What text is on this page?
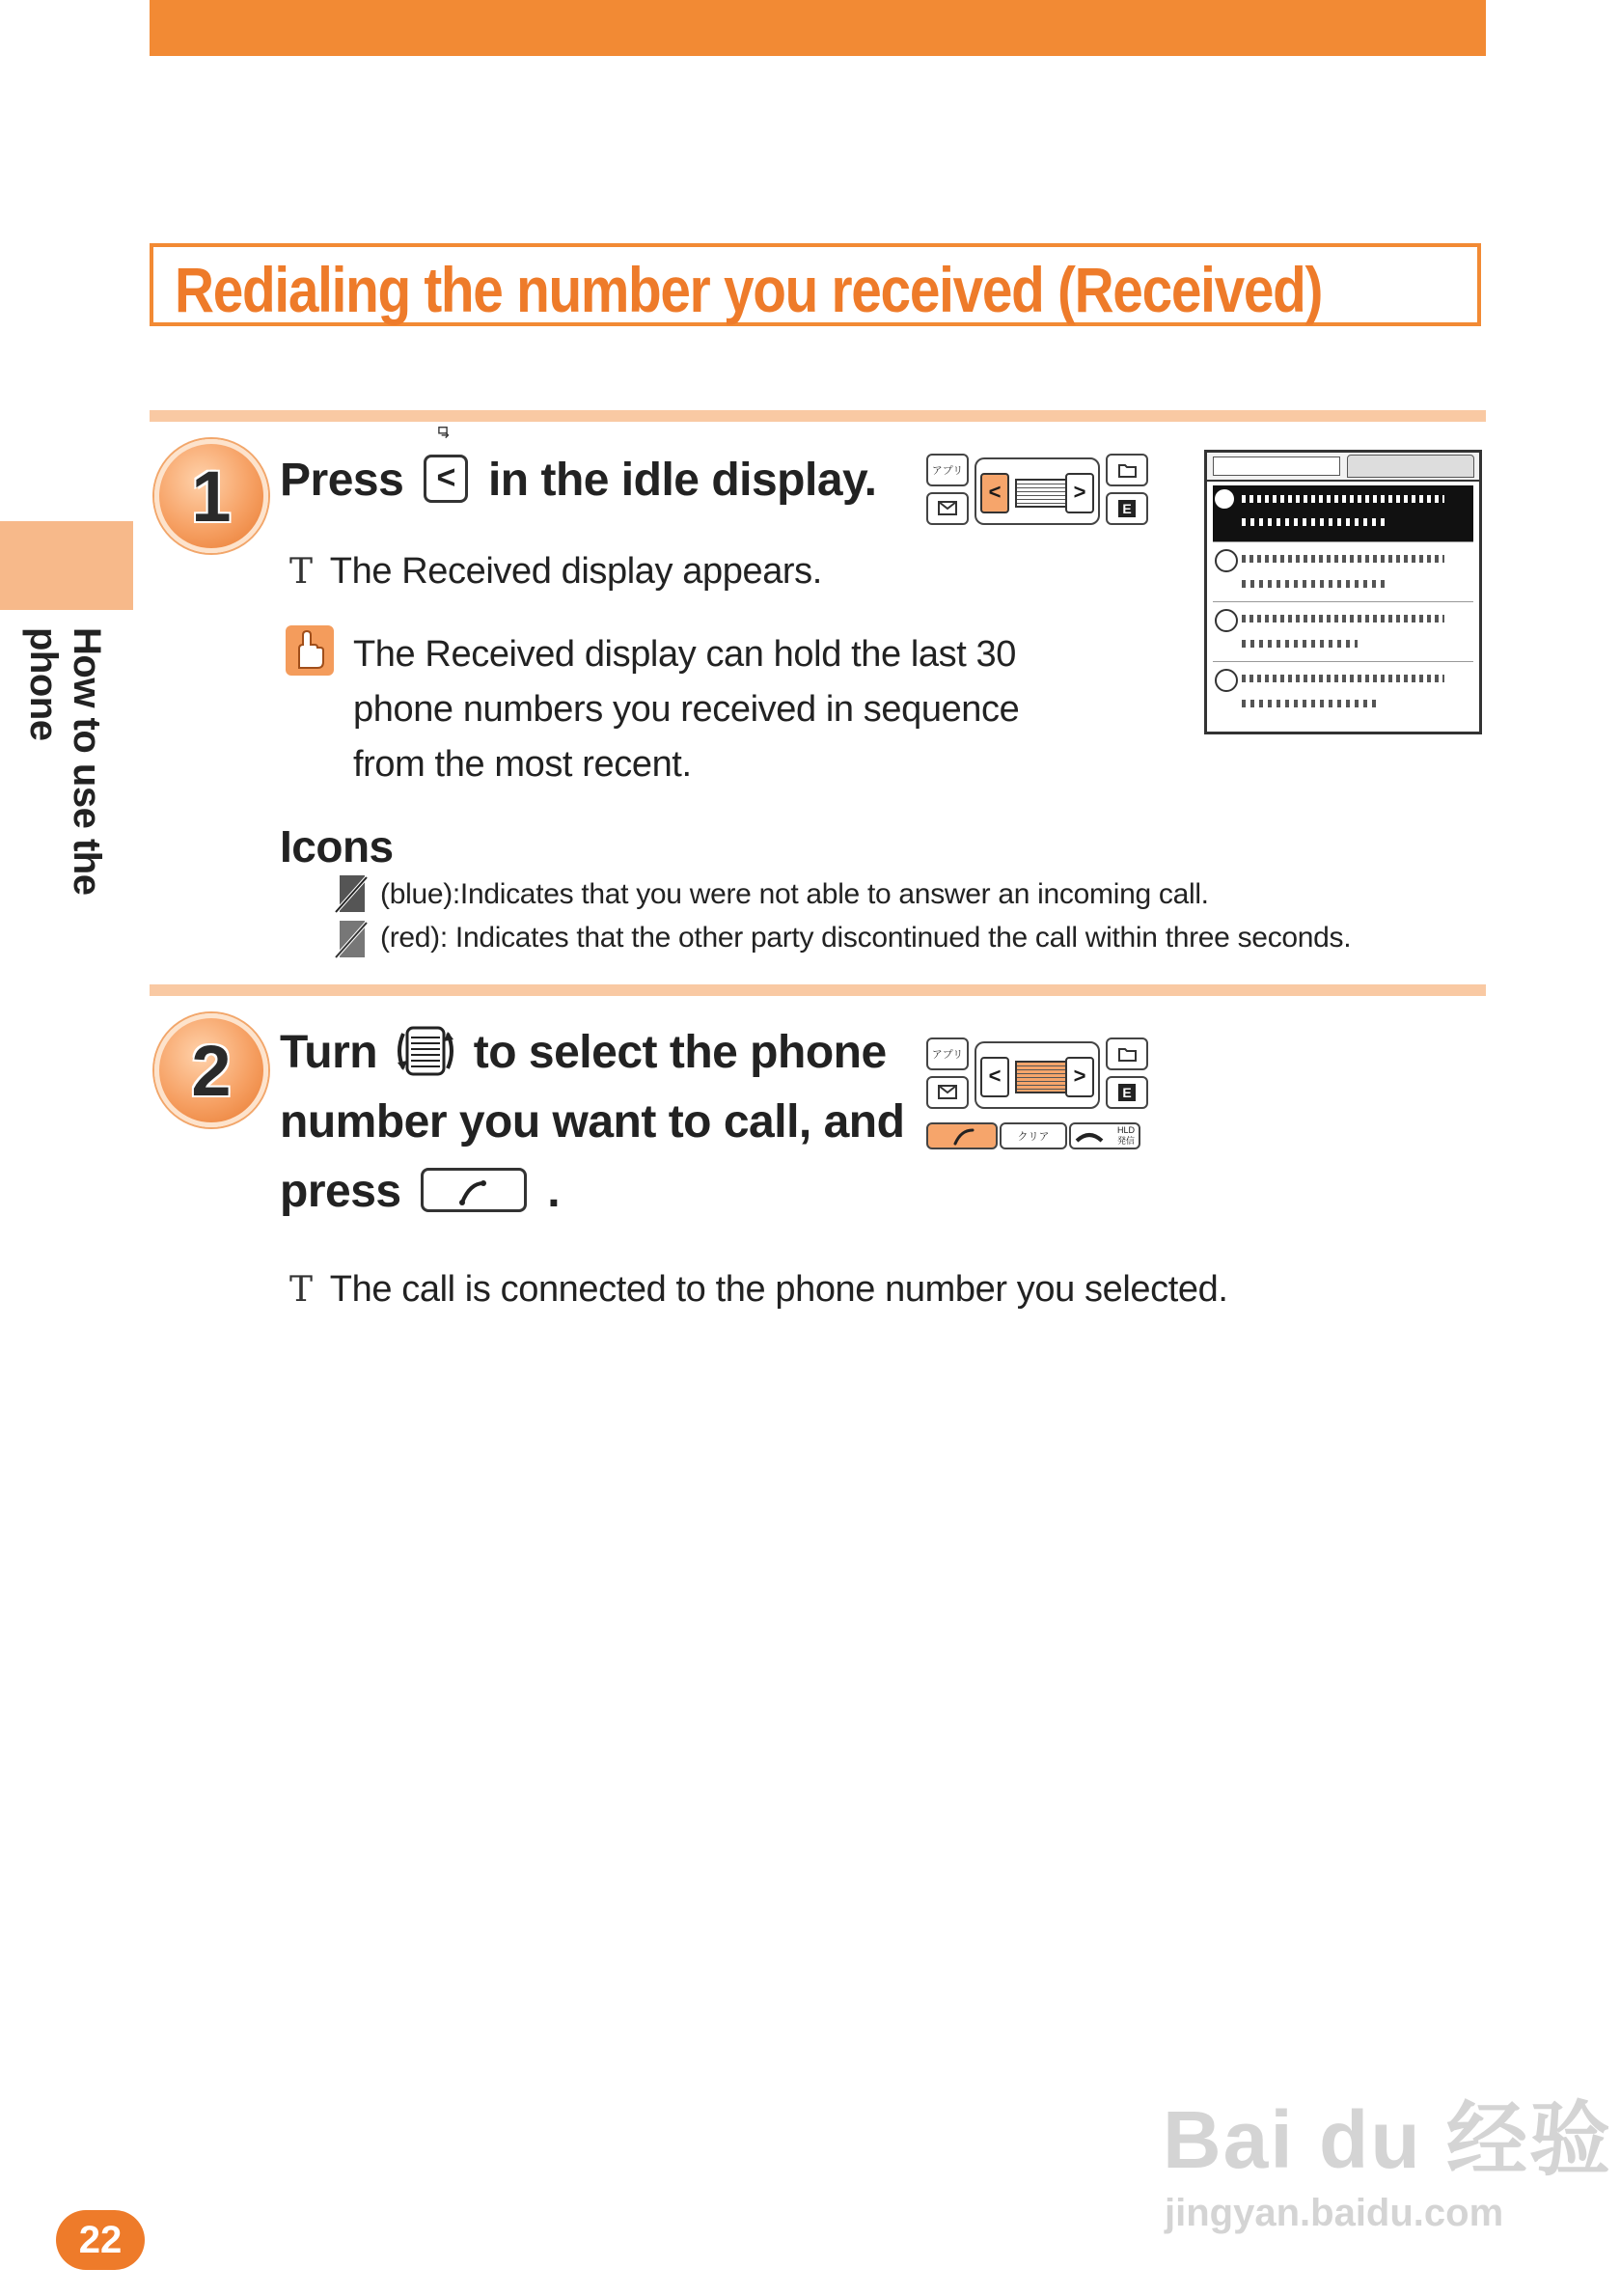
How to use the phone
Redialing the number you received (Received)
1	Press	< in the idle display.
T The Received display appears.
The Received display can hold the last 30 phone numbers you received in sequence from the most recent.
アプリ
<	>
E
Icons
(blue):Indicates that you were not able to answer an incoming call.
(red): Indicates that the other party discontinued the call within three seconds.
2	Turn to select the phone
number you want to call, and
press	.
アプリ
<	>
E
クリア
HLD
発信
T The call is connected to the phone number you selected.
22
Bai du 经验
jingyan.baidu.com
